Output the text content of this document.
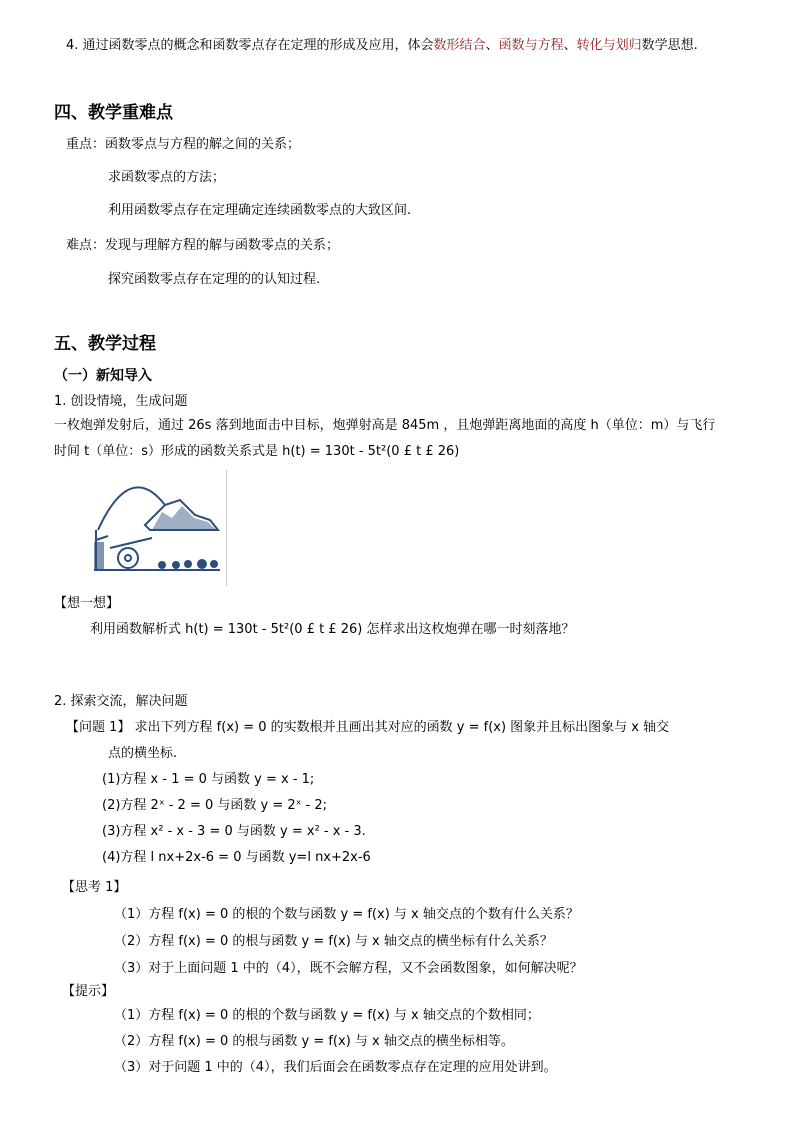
4. 通过函数零点的概念和函数零点存在定理的形成及应用，体会数形结合、函数与方程、转化与划归数学思想.
四、教学重难点
重点：函数零点与方程的解之间的关系；
求函数零点的方法；
利用函数零点存在定理确定连续函数零点的大致区间.
难点：发现与理解方程的解与函数零点的关系；
探究函数零点存在定理的的认知过程.
五、教学过程
（一）新知导入
1. 创设情境，生成问题
一枚炮弹发射后，通过 26s 落到地面击中目标，炮弹射高是 845m ，且炮弹距离地面的高度 h（单位：m）与飞行
时间 t（单位：s）形成的函数关系式是 h(t) = 130t - 5t²(0 £ t £ 26)
【想一想】
利用函数解析式 h(t) = 130t - 5t²(0 £ t £ 26) 怎样求出这枚炮弹在哪一时刻落地？
2. 探索交流，解决问题
【问题 1】 求出下列方程 f(x) = 0 的实数根并且画出其对应的函数 y = f(x) 图象并且标出图象与 x 轴交
点的横坐标.
(1)方程 x - 1 = 0 与函数 y = x - 1;
(2)方程 2ˣ - 2 = 0 与函数 y = 2ˣ - 2;
(3)方程 x² - x - 3 = 0 与函数 y = x² - x - 3.
(4)方程 l nx+2x-6 = 0 与函数 y=l nx+2x-6
【思考 1】
（1）方程 f(x) = 0 的根的个数与函数 y = f(x) 与 x 轴交点的个数有什么关系？
（2）方程 f(x) = 0 的根与函数 y = f(x) 与 x 轴交点的横坐标有什么关系？
（3）对于上面问题 1 中的（4），既不会解方程，又不会函数图象，如何解决呢？
【提示】
（1）方程 f(x) = 0 的根的个数与函数 y = f(x) 与 x 轴交点的个数相同；
（2）方程 f(x) = 0 的根与函数 y = f(x) 与 x 轴交点的横坐标相等。
（3）对于问题 1 中的（4），我们后面会在函数零点存在定理的应用处讲到。
